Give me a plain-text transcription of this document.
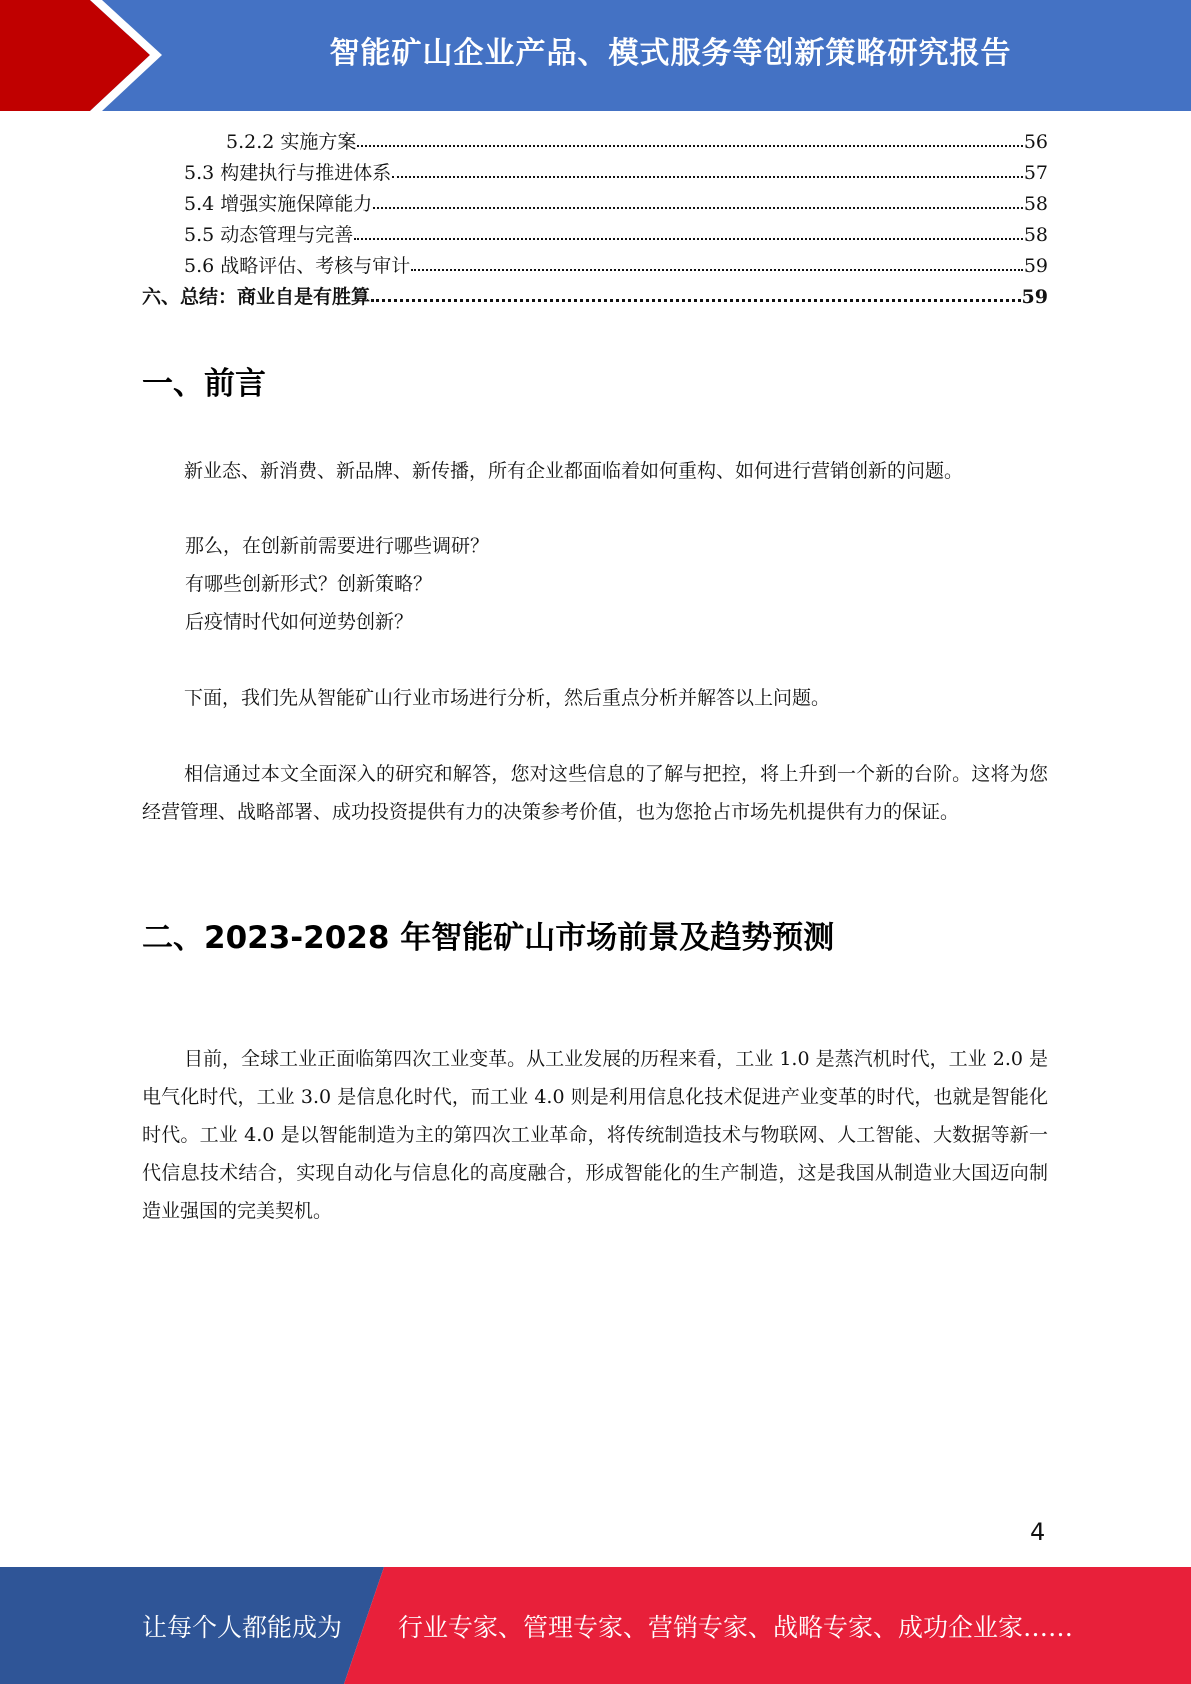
智能矿山企业产品、模式服务等创新策略研究报告
5.2.2 实施方案	56
5.3 构建执行与推进体系	57
5.4 增强实施保障能力	58
5.5 动态管理与完善	58
5.6 战略评估、考核与审计	59
六、总结：商业自是有胜算	59
一、前言

新业态、新消费、新品牌、新传播，所有企业都面临着如何重构、如何进行营销创新的问题。

那么，在创新前需要进行哪些调研？

有哪些创新形式？创新策略？

后疫情时代如何逆势创新？

下面，我们先从智能矿山行业市场进行分析，然后重点分析并解答以上问题。

相信通过本文全面深入的研究和解答，您对这些信息的了解与把控，将上升到一个新的台阶。这将为您经营管理、战略部署、成功投资提供有力的决策参考价值，也为您抢占市场先机提供有力的保证。

二、2023-2028 年智能矿山市场前景及趋势预测

目前，全球工业正面临第四次工业变革。从工业发展的历程来看，工业 1.0 是蒸汽机时代，工业 2.0 是电气化时代，工业 3.0 是信息化时代，而工业 4.0 则是利用信息化技术促进产业变革的时代，也就是智能化时代。工业 4.0 是以智能制造为主的第四次工业革命，将传统制造技术与物联网、人工智能、大数据等新一代信息技术结合，实现自动化与信息化的高度融合，形成智能化的生产制造，这是我国从制造业大国迈向制造业强国的完美契机。

4
让每个人都能成为 行业专家、管理专家、营销专家、战略专家、成功企业家……
